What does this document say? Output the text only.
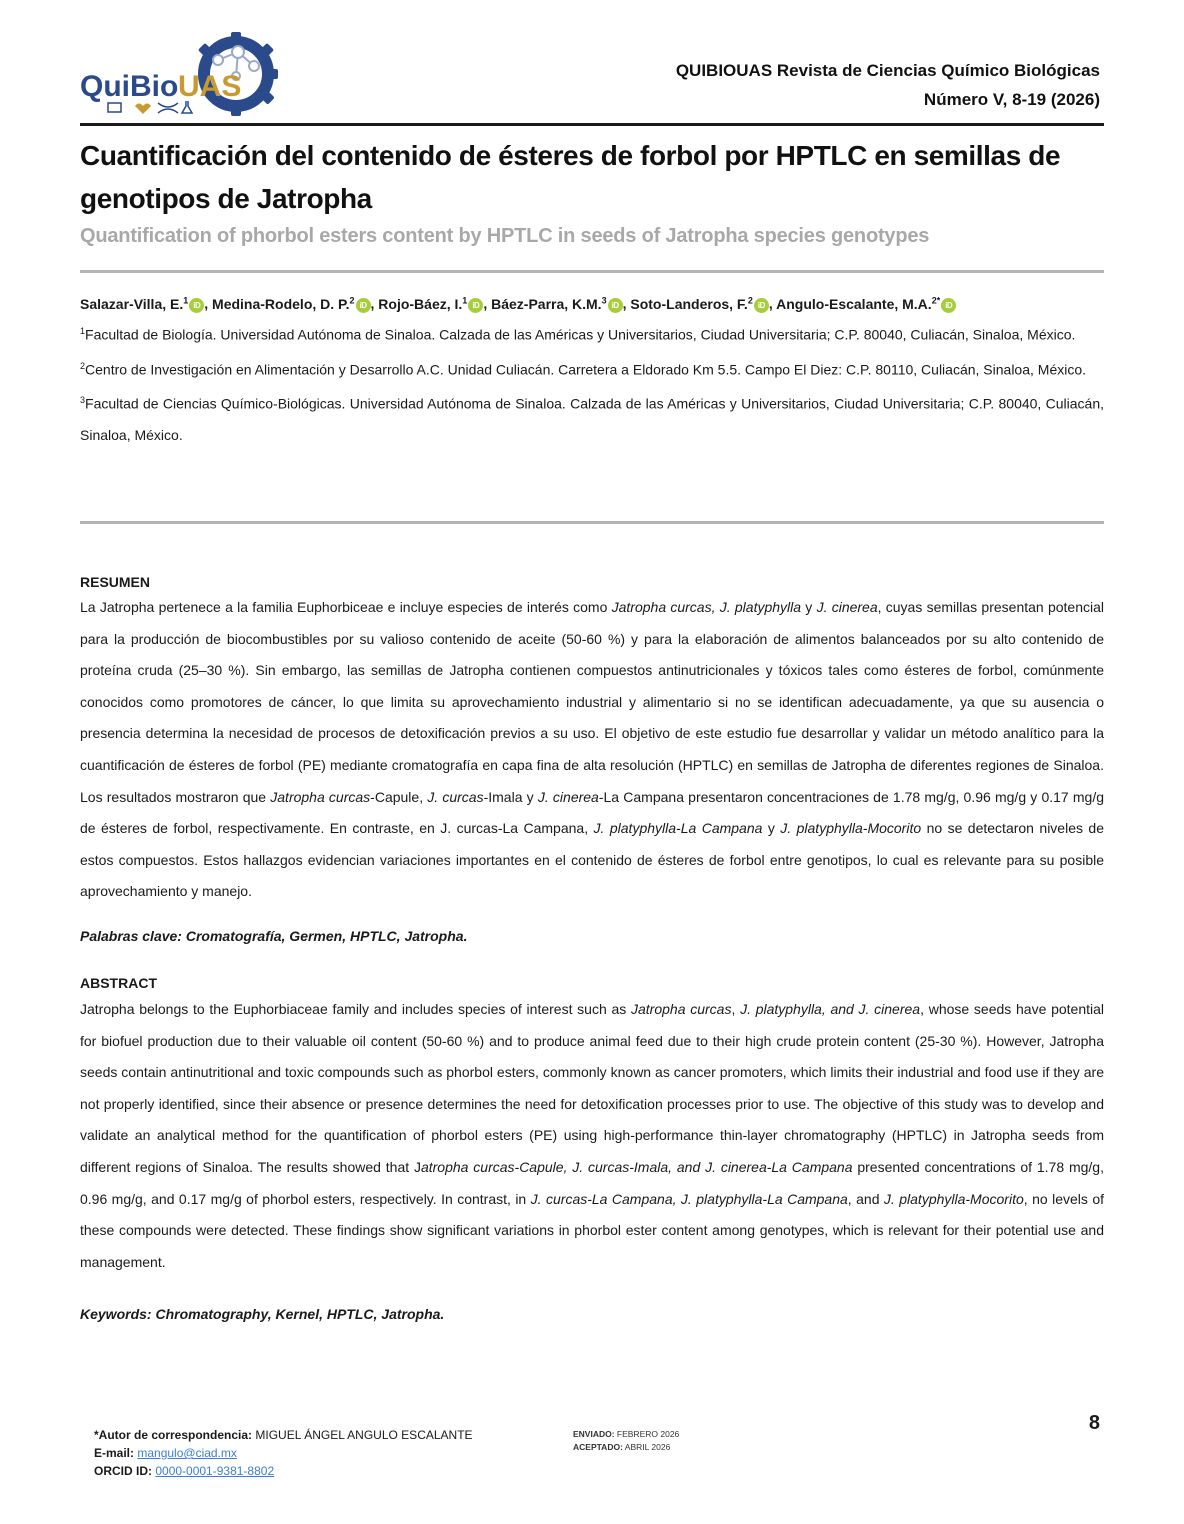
QuiBio UAS	QUIBIOUAS Revista de Ciencias Químico Biológicas
Número V, 8-19 (2026)
Cuantificación del contenido de ésteres de forbol por HPTLC en semillas de genotipos de Jatropha
Quantification of phorbol esters content by HPTLC in seeds of Jatropha species genotypes
Salazar-Villa, E.$^1$iD , Medina-Rodelo, D. P.$^2$iD , Rojo-Báez, I.$^1$iD , Báez-Parra, K.M.$^3$iD , Soto-Landeros, F.$^2$iD , Angulo-Escalante, M.A.$^{2*}$iD

$^1$Facultad de Biología. Universidad Autónoma de Sinaloa. Calzada de las Américas y Universitarios, Ciudad Universitaria; C.P. 80040, Culiacán, Sinaloa, México.

$^2$Centro de Investigación en Alimentación y Desarrollo A.C. Unidad Culiacán. Carretera a Eldorado Km 5.5. Campo El Diez: C.P. 80110, Culiacán, Sinaloa, México.

$^3$Facultad de Ciencias Químico-Biológicas. Universidad Autónoma de Sinaloa. Calzada de las Américas y Universitarios, Ciudad Universitaria; C.P. 80040, Culiacán, Sinaloa, México.

RESUMEN

La Jatropha pertenece a la familia Euphorbiceae e incluye especies de interés como Jatropha curcas, J. platyphylla y J. cinerea, cuyas semillas presentan potencial para la producción de biocombustibles por su valioso contenido de aceite (50-60 %) y para la elaboración de alimentos balanceados por su alto contenido de proteína cruda (25–30 %). Sin embargo, las semillas de Jatropha contienen compuestos antinutricionales y tóxicos tales como ésteres de forbol, comúnmente conocidos como promotores de cáncer, lo que limita su aprovechamiento industrial y alimentario si no se identifican adecuadamente, ya que su ausencia o presencia determina la necesidad de procesos de detoxificación previos a su uso. El objetivo de este estudio fue desarrollar y validar un método analítico para la cuantificación de ésteres de forbol (PE) mediante cromatografía en capa fina de alta resolución (HPTLC) en semillas de Jatropha de diferentes regiones de Sinaloa. Los resultados mostraron que Jatropha curcas-Capule, J. curcas-Imala y J. cinerea-La Campana presentaron concentraciones de 1.78 mg/g, 0.96 mg/g y 0.17 mg/g de ésteres de forbol, respectivamente. En contraste, en J. curcas-La Campana, J. platyphylla-La Campana y J. platyphylla-Mocorito no se detectaron niveles de estos compuestos. Estos hallazgos evidencian variaciones importantes en el contenido de ésteres de forbol entre genotipos, lo cual es relevante para su posible aprovechamiento y manejo.

Palabras clave: Cromatografía, Germen, HPTLC, Jatropha.
ABSTRACT

Jatropha belongs to the Euphorbiaceae family and includes species of interest such as Jatropha curcas, J. platyphylla, and J. cinerea, whose seeds have potential for biofuel production due to their valuable oil content (50-60 %) and to produce animal feed due to their high crude protein content (25-30 %). However, Jatropha seeds contain antinutritional and toxic compounds such as phorbol esters, commonly known as cancer promoters, which limits their industrial and food use if they are not properly identified, since their absence or presence determines the need for detoxification processes prior to use. The objective of this study was to develop and validate an analytical method for the quantification of phorbol esters (PE) using high-performance thin-layer chromatography (HPTLC) in Jatropha seeds from different regions of Sinaloa. The results showed that Jatropha curcas-Capule, J. curcas-Imala, and J. cinerea-La Campana presented concentrations of 1.78 mg/g, 0.96 mg/g, and 0.17 mg/g of phorbol esters, respectively. In contrast, in J. curcas-La Campana, J. platyphylla-La Campana, and J. platyphylla-Mocorito, no levels of these compounds were detected. These findings show significant variations in phorbol ester content among genotypes, which is relevant for their potential use and management.

Keywords: Chromatography, Kernel, HPTLC, Jatropha.
*Autor de correspondencia: MIGUEL ÁNGEL ANGULO ESCALANTE
E-mail: mangulo@ciad.mx
ORCID ID: 0000-0001-9381-8802
ENVIADO: FEBRERO 2026
ACEPTADO: ABRIL 2026
8
